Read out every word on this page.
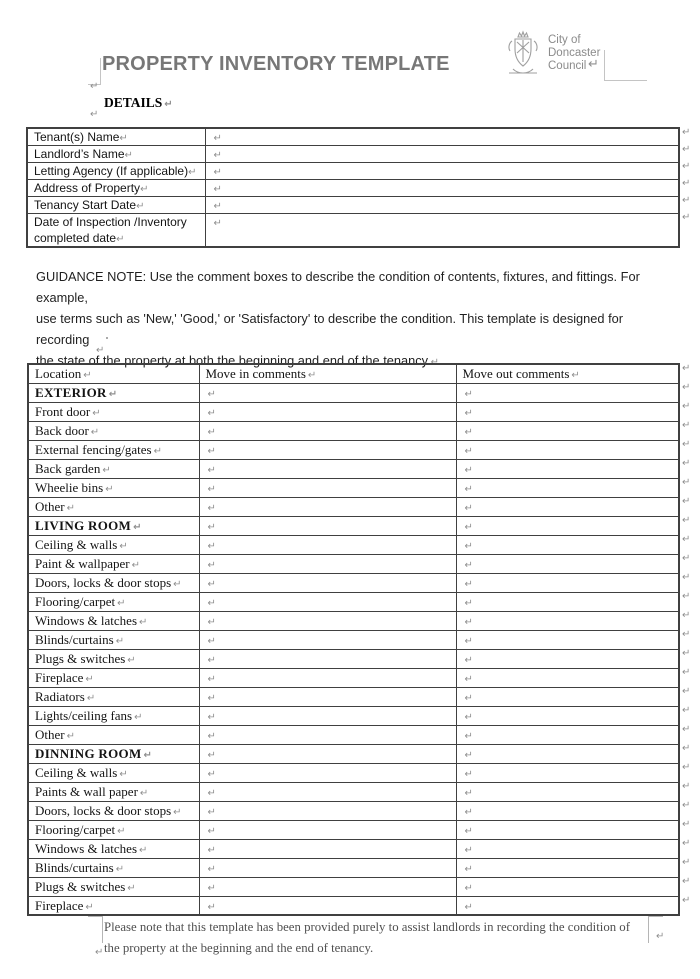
PROPERTY INVENTORY TEMPLATE
City of
Doncaster
Council ↵
↵
DETAILS ↵
↵
Tenant(s) Name↵	↵
Landlord’s Name↵	↵
Letting Agency (If applicable)↵	↵
Address of Property↵	↵
Tenancy Start Date↵	↵
Date of Inspection /Inventory completed date↵	↵
↵
↵
↵
↵
↵
↵
GUIDANCE NOTE: Use the comment boxes to describe the condition of contents, fixtures, and fittings. For example,
use terms such as 'New,' 'Good,' or 'Satisfactory' to describe the condition. This template is designed for recording
the state of the property at both the beginning and end of the tenancy.↵
↵
Location ↵	Move in comments ↵	Move out comments ↵
EXTERIOR ↵	↵	↵
Front door ↵	↵	↵
Back door ↵	↵	↵
External fencing/gates ↵	↵	↵
Back garden ↵	↵	↵
Wheelie bins ↵	↵	↵
Other ↵	↵	↵
LIVING ROOM ↵	↵	↵
Ceiling & walls ↵	↵	↵
Paint & wallpaper ↵	↵	↵
Doors, locks & door stops ↵	↵	↵
Flooring/carpet ↵	↵	↵
Windows & latches ↵	↵	↵
Blinds/curtains ↵	↵	↵
Plugs & switches ↵	↵	↵
Fireplace ↵	↵	↵
Radiators ↵	↵	↵
Lights/ceiling fans ↵	↵	↵
Other ↵	↵	↵
DINNING ROOM ↵	↵	↵
Ceiling & walls ↵	↵	↵
Paints & wall paper ↵	↵	↵
Doors, locks & door stops ↵	↵	↵
Flooring/carpet ↵	↵	↵
Windows & latches ↵	↵	↵
Blinds/curtains ↵	↵	↵
Plugs & switches ↵	↵	↵
Fireplace ↵	↵	↵
↵
↵
↵
↵
↵
↵
↵
↵
↵
↵
↵
↵
↵
↵
↵
↵
↵
↵
↵
↵
↵
↵
↵
↵
↵
↵
↵
↵
↵
Please note that this template has been provided purely to assist landlords in recording the condition of
the property at the beginning and the end of tenancy.
↵
↵
